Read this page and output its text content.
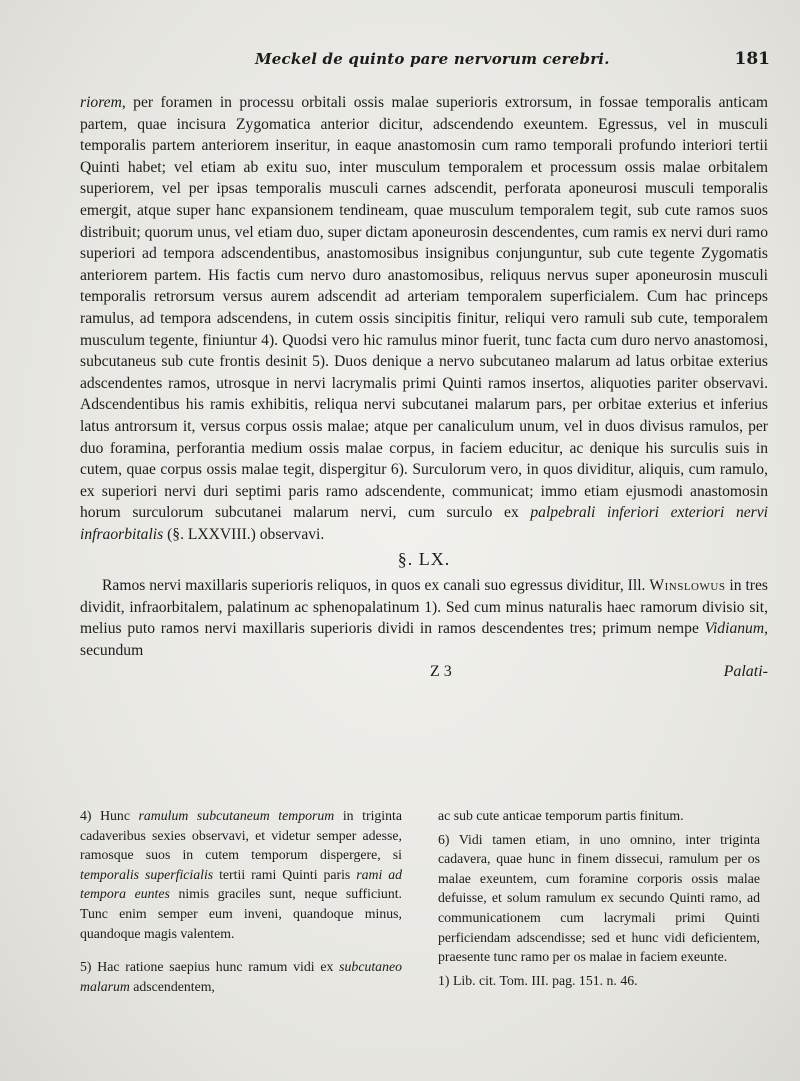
Meckel de quinto pare nervorum cerebri.	181

riorem, per foramen in processu orbitali ossis malae superioris extrorsum, in fossae temporalis anticam partem, quae incisura Zygomatica anterior dicitur, adscendendo exeuntem. Egressus, vel in musculi temporalis partem anteriorem inseritur, in eaque anastomosin cum ramo temporali profundo interiori tertii Quinti habet; vel etiam ab exitu suo, inter musculum temporalem et processum ossis malae orbitalem superiorem, vel per ipsas temporalis musculi carnes adscendit, perforata aponeurosi musculi temporalis emergit, atque super hanc expansionem tendineam, quae musculum temporalem tegit, sub cute ramos suos distribuit; quorum unus, vel etiam duo, super dictam aponeurosin descendentes, cum ramis ex nervi duri ramo superiori ad tempora adscendentibus, anastomosibus insignibus conjunguntur, sub cute tegente Zygomatis anteriorem partem. His factis cum nervo duro anastomosibus, reliquus nervus super aponeurosin musculi temporalis retrorsum versus aurem adscendit ad arteriam temporalem superficialem. Cum hac princeps ramulus, ad tempora adscendens, in cutem ossis sincipitis finitur, reliqui vero ramuli sub cute, temporalem musculum tegente, finiuntur 4). Quodsi vero hic ramulus minor fuerit, tunc facta cum duro nervo anastomosi, subcutaneus sub cute frontis desinit 5). Duos denique a nervo subcutaneo malarum ad latus orbitae exterius adscendentes ramos, utrosque in nervi lacrymalis primi Quinti ramos insertos, aliquoties pariter observavi. Adscendentibus his ramis exhibitis, reliqua nervi subcutanei malarum pars, per orbitae exterius et inferius latus antrorsum it, versus corpus ossis malae; atque per canaliculum unum, vel in duos divisus ramulos, per duo foramina, perforantia medium ossis malae corpus, in faciem educitur, ac denique his surculis suis in cutem, quae corpus ossis malae tegit, dispergitur 6). Surculorum vero, in quos dividitur, aliquis, cum ramulo, ex superiori nervi duri septimi paris ramo adscendente, communicat; immo etiam ejusmodi anastomosin horum surculorum subcutanei malarum nervi, cum surculo ex palpebrali inferiori exteriori nervi infraorbitalis (§. LXXVIII.) observavi.

§. LX.

Ramos nervi maxillaris superioris reliquos, in quos ex canali suo egressus dividitur, Ill. Winslowus in tres dividit, infraorbitalem, palatinum ac sphenopalatinum 1). Sed cum minus naturalis haec ramorum divisio sit, melius puto ramos nervi maxillaris superioris dividi in ramos descendentes tres; primum nempe Vidianum, secundum

Z 3	Palati-

4) Hunc ramulum subcutaneum temporum in triginta cadaveribus sexies observavi, et videtur semper adesse, ramosque suos in cutem temporum dispergere, si temporalis superficialis tertii rami Quinti paris rami ad tempora euntes nimis graciles sunt, neque sufficiunt. Tunc enim semper eum inveni, quandoque minus, quandoque magis valentem.

5) Hac ratione saepius hunc ramum vidi ex subcutaneo malarum adscendentem,

ac sub cute anticae temporum partis finitum.

6) Vidi tamen etiam, in uno omnino, inter triginta cadavera, quae hunc in finem dissecui, ramulum per os malae exeuntem, cum foramine corporis ossis malae defuisse, et solum ramulum ex secundo Quinti ramo, ad communicationem cum lacrymali primi Quinti perficiendam adscendisse; sed et hunc vidi deficientem, praesente tunc ramo per os malae in faciem exeunte.

1) Lib. cit. Tom. III. pag. 151. n. 46.
